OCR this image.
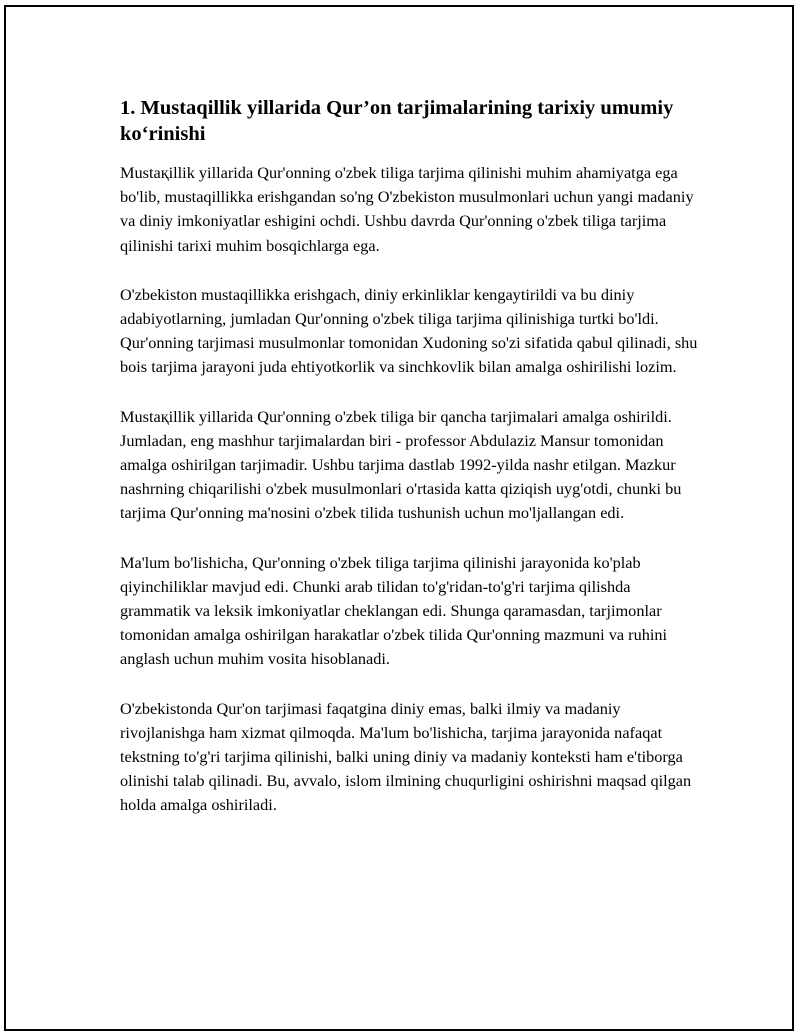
1. Mustaqillik yillarida Qur’on tarjimalarining tarixiy umumiy ko‘rinishi

Mustaқillik yillarida Qur'onning o'zbek tiliga tarjima qilinishi muhim ahamiyatga ega bo'lib, mustaqillikka erishgandan so'ng O'zbekiston musulmonlari uchun yangi madaniy va diniy imkoniyatlar eshigini ochdi. Ushbu davrda Qur'onning o'zbek tiliga tarjima qilinishi tarixi muhim bosqichlarga ega.

O'zbekiston mustaqillikka erishgach, diniy erkinliklar kengaytirildi va bu diniy adabiyotlarning, jumladan Qur'onning o'zbek tiliga tarjima qilinishiga turtki bo'ldi. Qur'onning tarjimasi musulmonlar tomonidan Xudoning so'zi sifatida qabul qilinadi, shu bois tarjima jarayoni juda ehtiyotkorlik va sinchkovlik bilan amalga oshirilishi lozim.

Mustaқillik yillarida Qur'onning o'zbek tiliga bir qancha tarjimalari amalga oshirildi. Jumladan, eng mashhur tarjimalardan biri - professor Abdulaziz Mansur tomonidan amalga oshirilgan tarjimadir. Ushbu tarjima dastlab 1992-yilda nashr etilgan. Mazkur nashrning chiqarilishi o'zbek musulmonlari o'rtasida katta qiziqish uyg'otdi, chunki bu tarjima Qur'onning ma'nosini o'zbek tilida tushunish uchun mo'ljallangan edi.

Ma'lum bo'lishicha, Qur'onning o'zbek tiliga tarjima qilinishi jarayonida ko'plab qiyinchiliklar mavjud edi. Chunki arab tilidan to'g'ridan-to'g'ri tarjima qilishda grammatik va leksik imkoniyatlar cheklangan edi. Shunga qaramasdan, tarjimonlar tomonidan amalga oshirilgan harakatlar o'zbek tilida Qur'onning mazmuni va ruhini anglash uchun muhim vosita hisoblanadi.

O'zbekistonda Qur'on tarjimasi faqatgina diniy emas, balki ilmiy va madaniy rivojlanishga ham xizmat qilmoqda. Ma'lum bo'lishicha, tarjima jarayonida nafaqat tekstning to'g'ri tarjima qilinishi, balki uning diniy va madaniy konteksti ham e'tiborga olinishi talab qilinadi. Bu, avvalo, islom ilmining chuqurligini oshirishni maqsad qilgan holda amalga oshiriladi.
